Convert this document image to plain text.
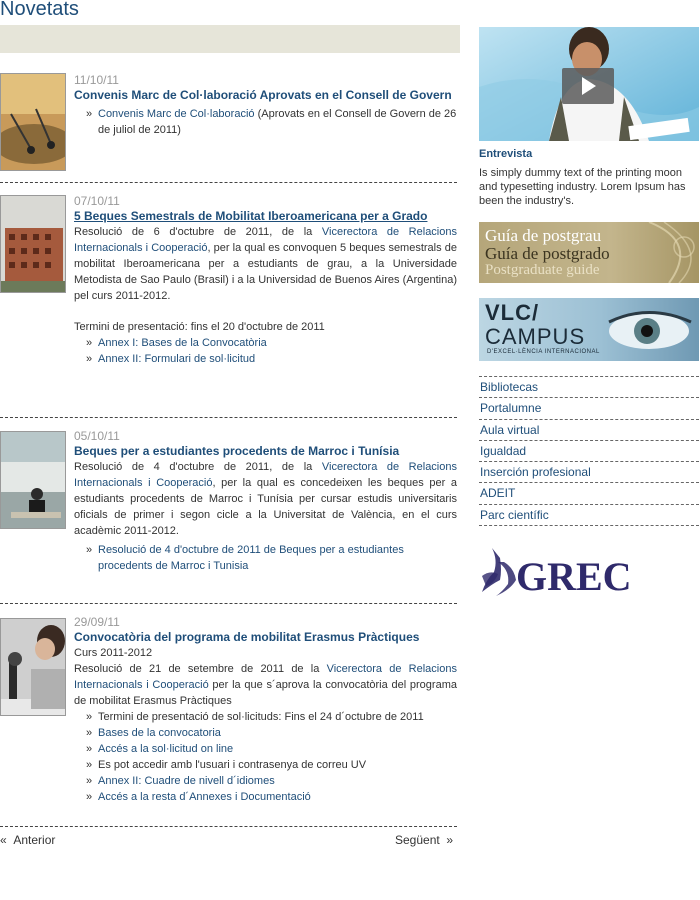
Novetats
11/10/11
Convenis Marc de Col·laboració Aprovats en el Consell de Govern
» Convenis Marc de Col·laboració (Aprovats en el Consell de Govern de 26 de juliol de 2011)
07/10/11
5 Beques Semestrals de Mobilitat Iberoamericana per a Grado

Resolució de 6 d'octubre de 2011, de la Vicerectora de Relacions Internacionals i Cooperació, per la qual es convoquen 5 beques semestrals de mobilitat Iberoamericana per a estudiants de grau, a la Universidade Metodista de Sao Paulo (Brasil) i a la Universidad de Buenos Aires (Argentina) pel curs 2011-2012.

Termini de presentació: fins el 20 d'octubre de 2011
» Annex I: Bases de la Convocatòria
» Annex II: Formulari de sol·licitud
05/10/11
Beques per a estudiantes procedents de Marroc i Tunísia

Resolució de 4 d'octubre de 2011, de la Vicerectora de Relacions Internacionals i Cooperació, per la qual es concedeixen les beques per a estudiants procedents de Marroc i Tunísia per cursar estudis universitaris oficials de primer i segon cicle a la Universitat de València, en el curs acadèmic 2011-2012.

» Resolució de 4 d'octubre de 2011 de Beques per a estudiantes procedents de Marroc i Tunisia
29/09/11
Convocatòria del programa de mobilitat Erasmus Pràctiques
Curs 2011-2012

Resolució de 21 de setembre de 2011 de la Vicerectora de Relacions Internacionals i Cooperació per la que s´aprova la convocatòria del programa de mobilitat Erasmus Pràctiques

» Termini de presentació de sol·licituds: Fins el 24 d´octubre de 2011
» Bases de la convocatoria
» Accés a la sol·licitud on line
» Es pot accedir amb l'usuari i contrasenya de correu UV
» Annex II: Cuadre de nivell d´idiomes
» Accés a la resta d´Annexes i Documentació
« Anterior	Següent »
Entrevista
Is simply dummy text of the printing moon and typesetting industry. Lorem Ipsum has been the industry's.
Guía de postgrau
Guía de postgrado
Postgraduate guide
VLC/
CAMPUS
D'EXCEL·LÈNCIA INTERNACIONAL
Bibliotecas
Portalumne
Aula virtual
Igualdad
Inserción profesional
ADEIT
Parc científic
GREC
